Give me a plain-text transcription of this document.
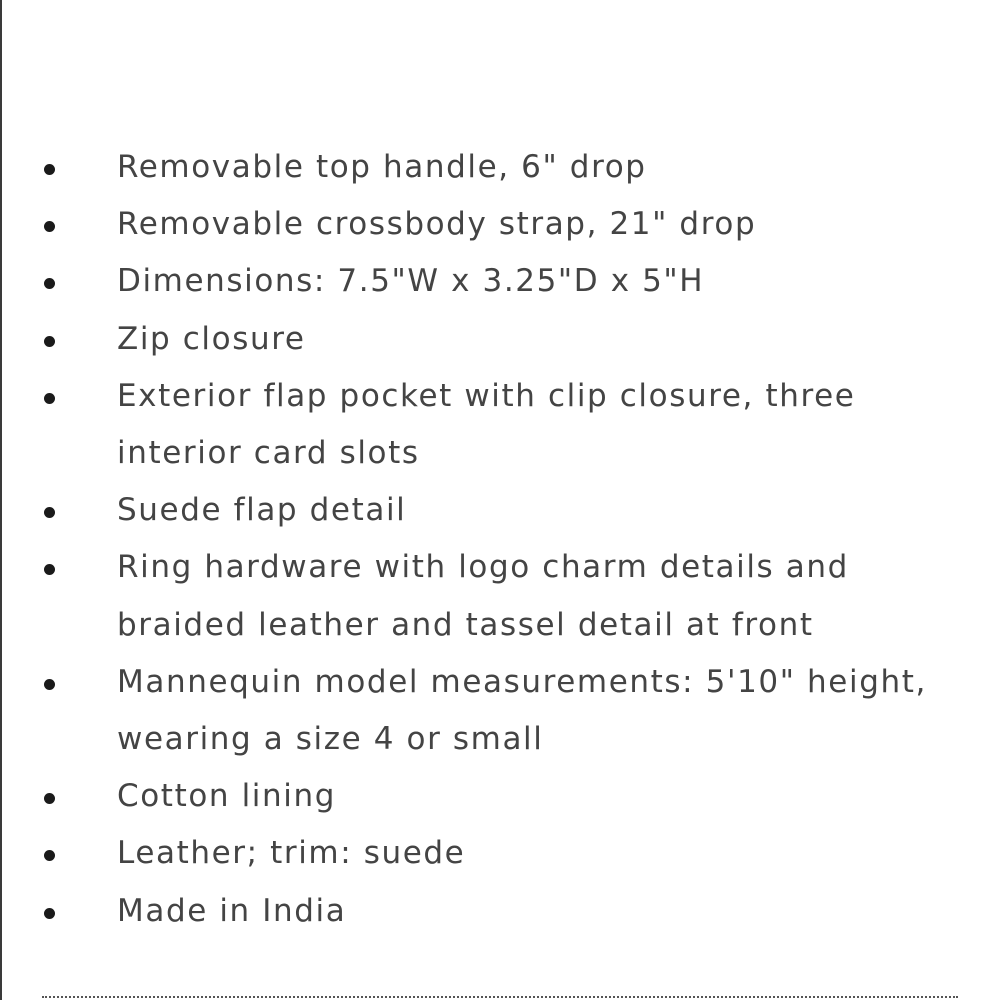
Removable top handle, 6" drop
Removable crossbody strap, 21" drop
Dimensions: 7.5"W x 3.25"D x 5"H
Zip closure
Exterior flap pocket with clip closure, three interior card slots
Suede flap detail
Ring hardware with logo charm details and braided leather and tassel detail at front
Mannequin model measurements: 5'10" height, wearing a size 4 or small
Cotton lining
Leather; trim: suede
Made in India
